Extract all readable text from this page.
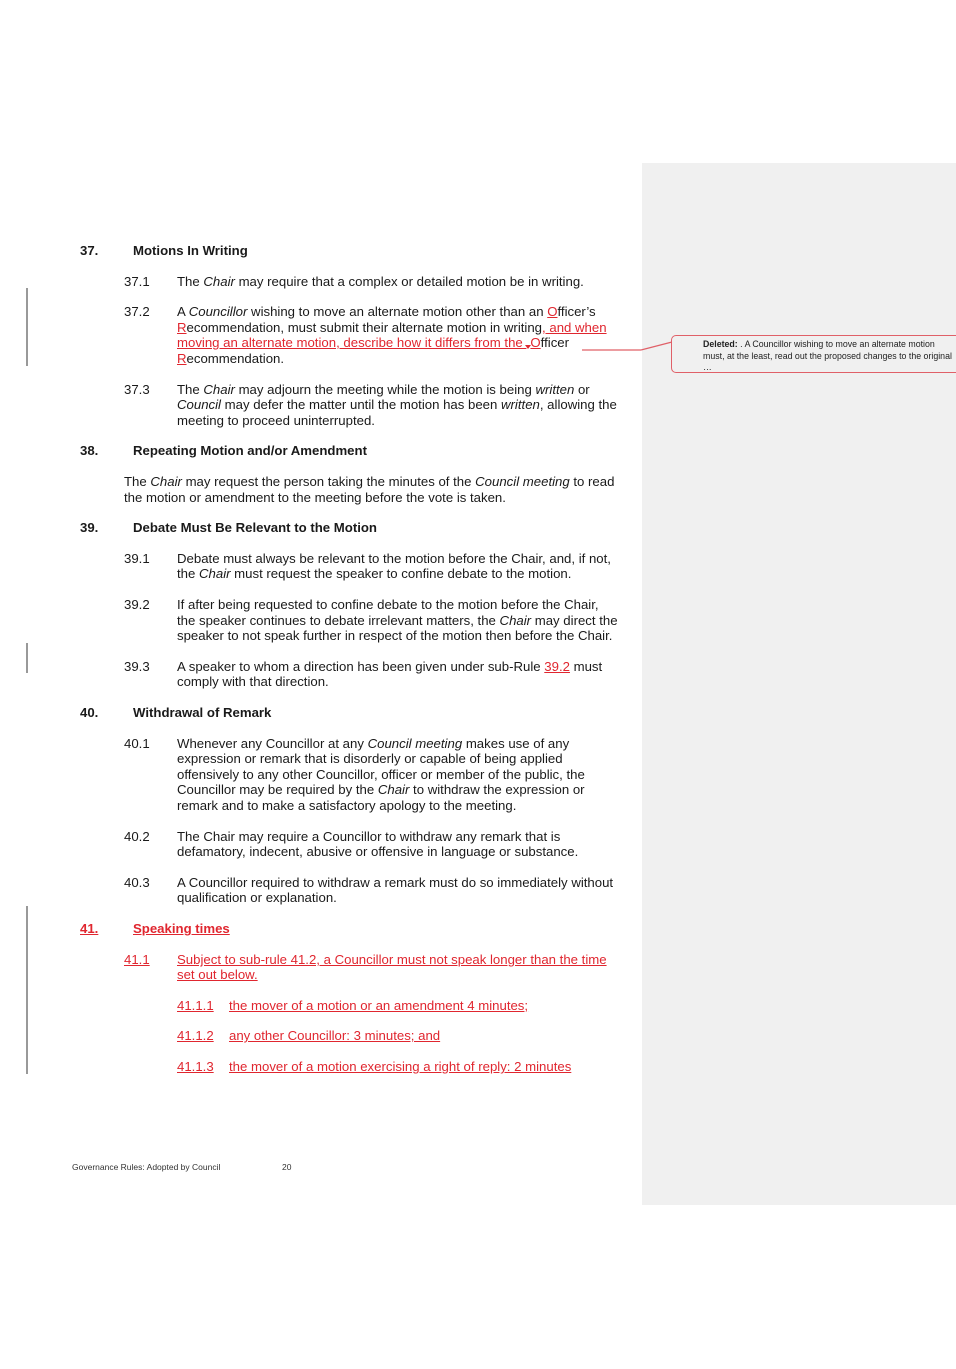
37.	Motions In Writing
37.1 The Chair may require that a complex or detailed motion be in writing.
37.2 A Councillor wishing to move an alternate motion other than an Officer’s
Recommendation, must submit their alternate motion in writing, and when
moving an alternate motion, describe how it differs from the Officer
Recommendation.
37.3 The Chair may adjourn the meeting while the motion is being written or
Council may defer the matter until the motion has been written, allowing the
meeting to proceed uninterrupted.
38.	Repeating Motion and/or Amendment
The Chair may request the person taking the minutes of the Council meeting to read
the motion or amendment to the meeting before the vote is taken.
39.	Debate Must Be Relevant to the Motion
39.1 Debate must always be relevant to the motion before the Chair, and, if not,
the Chair must request the speaker to confine debate to the motion.
39.2 If after being requested to confine debate to the motion before the Chair,
the speaker continues to debate irrelevant matters, the Chair may direct the
speaker to not speak further in respect of the motion then before the Chair.
39.3 A speaker to whom a direction has been given under sub-Rule 39.2 must
comply with that direction.
40.	Withdrawal of Remark
40.1 Whenever any Councillor at any Council meeting makes use of any
expression or remark that is disorderly or capable of being applied
offensively to any other Councillor, officer or member of the public, the
Councillor may be required by the Chair to withdraw the expression or
remark and to make a satisfactory apology to the meeting.
40.2 The Chair may require a Councillor to withdraw any remark that is
defamatory, indecent, abusive or offensive in language or substance.
40.3 A Councillor required to withdraw a remark must do so immediately without
qualification or explanation.
41.	Speaking times
41.1	Subject to sub-rule 41.2, a Councillor must not speak longer than the time
set out below.
41.1.1	the mover of a motion or an amendment 4 minutes;
41.1.2	any other Councillor: 3 minutes; and
41.1.3	the mover of a motion exercising a right of reply: 2 minutes
Governance Rules: Adopted by Council	20
Deleted: . A Councillor wishing to move an alternate motion must, at the least, read out the proposed changes to the original …
